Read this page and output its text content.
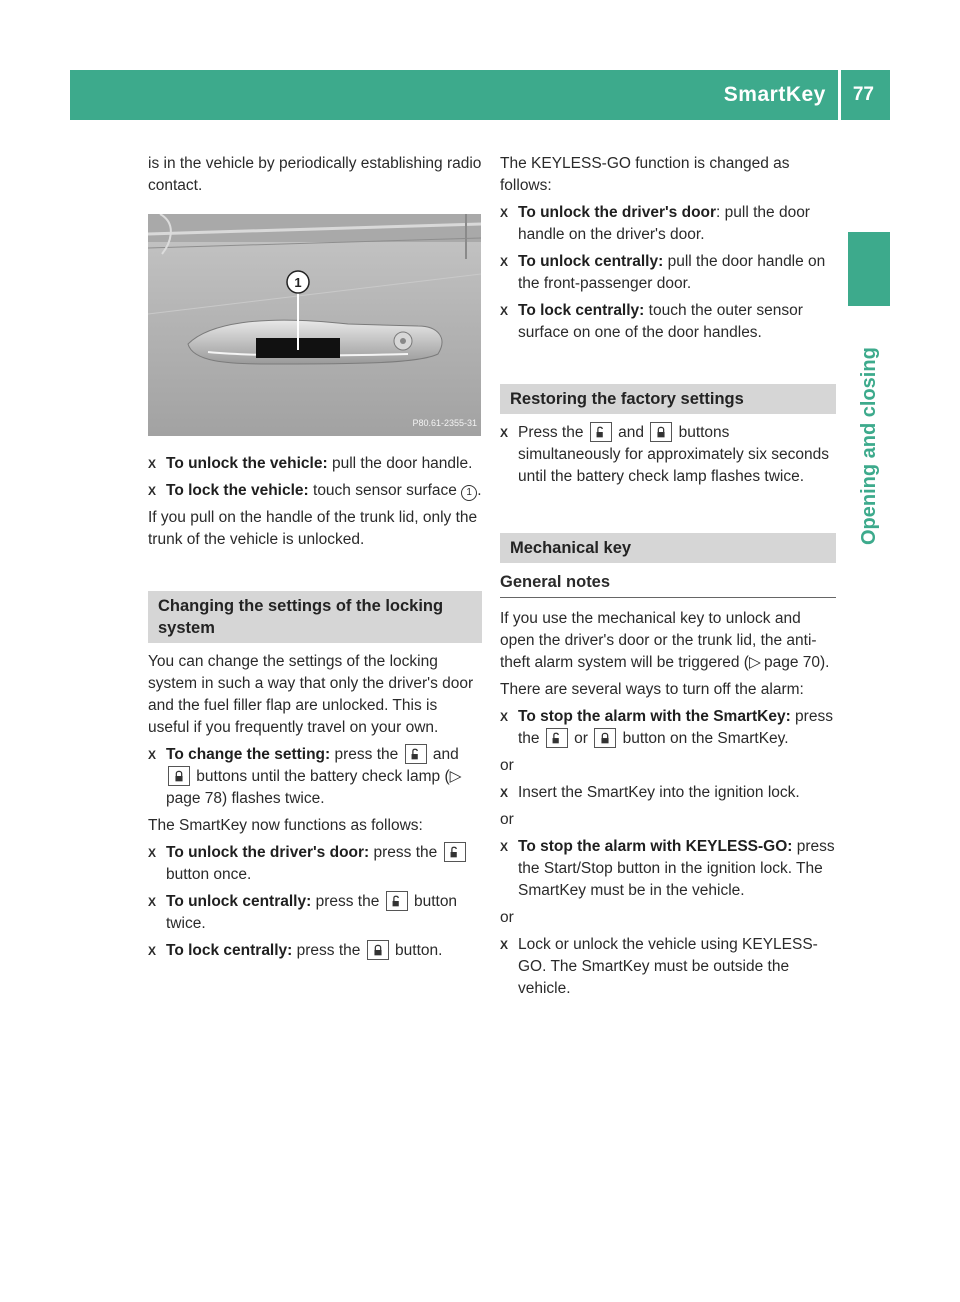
SmartKey	77
Opening and closing

is in the vehicle by periodically establishing radio contact.

1
P80.61-2355-31
X To unlock the vehicle: pull the door handle.
X To lock the vehicle: touch sensor surface 1 .

If you pull on the handle of the trunk lid, only the trunk of the vehicle is unlocked.

Changing the settings of the locking system

You can change the settings of the locking system in such a way that only the driver's door and the fuel filler flap are unlocked. This is useful if you frequently travel on your own.

X To change the setting: press the
and
buttons until the battery check lamp (▷ page 78) flashes twice.

The SmartKey now functions as follows:

X To unlock the driver's door: press the
button once.
X To unlock centrally: press the
button twice.
X To lock centrally: press the
button.

The KEYLESS-GO function is changed as follows:

X To unlock the driver's door: pull the door handle on the driver's door.
X To unlock centrally: pull the door handle on the front-passenger door.
X To lock centrally: touch the outer sensor surface on one of the door handles.
Restoring the factory settings
X Press the
and
buttons simultaneously for approximately six seconds until the battery check lamp flashes twice.
Mechanical key
General notes

If you use the mechanical key to unlock and open the driver's door or the trunk lid, the anti-theft alarm system will be triggered (▷  page 70).

There are several ways to turn off the alarm:

X To stop the alarm with the SmartKey: press the
or
button on the SmartKey.

or

X Insert the SmartKey into the ignition lock.

or

X To stop the alarm with KEYLESS-GO: press the Start/Stop button in the ignition lock. The SmartKey must be in the vehicle.

or

X Lock or unlock the vehicle using KEYLESS-GO. The SmartKey must be outside the vehicle.
